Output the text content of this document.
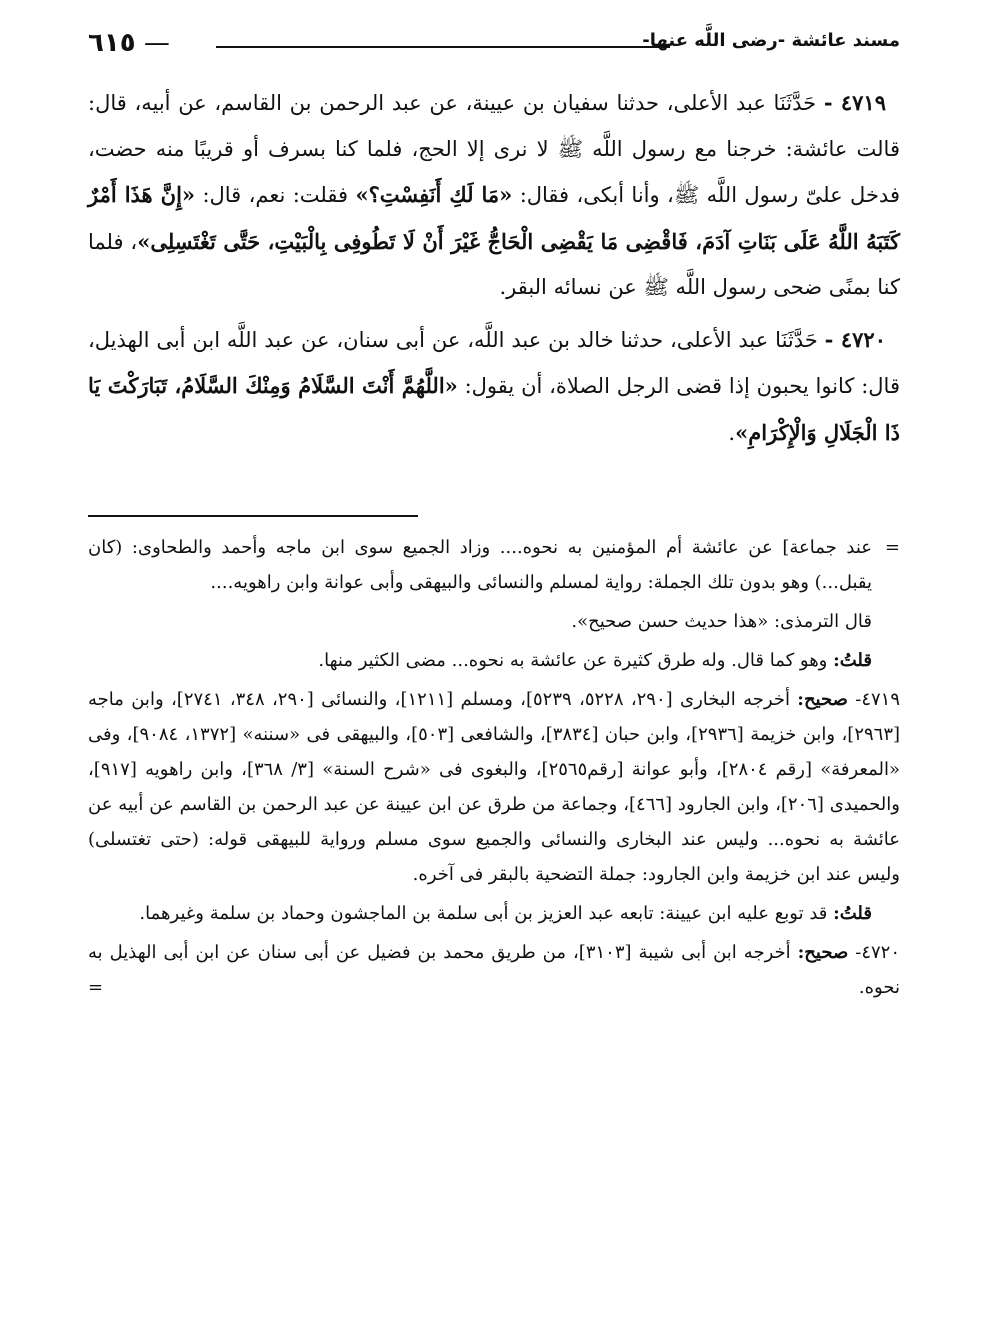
— ٦١٥	مسند عائشة -رضى اللَّه عنها-

٤٧١٩ - حَدَّثَنَا عبد الأعلى، حدثنا سفيان بن عيينة، عن عبد الرحمن بن القاسم، عن أبيه، قال: قالت عائشة: خرجنا مع رسول اللَّه ﷺ لا نرى إلا الحج، فلما كنا بسرف أو قريبًا منه حضت، فدخل علىّ رسول اللَّه ﷺ، وأنا أبكى، فقال: «مَا لَكِ أَنَفِسْتِ؟» فقلت: نعم، قال: «إِنَّ هَذَا أَمْرٌ كَتَبَهُ اللَّهُ عَلَى بَنَاتِ آدَمَ، فَاقْضِى مَا يَقْضِى الْحَاجُّ غَيْرَ أَنْ لَا تَطُوفِى بِالْبَيْتِ، حَتَّى تَغْتَسِلِى»، فلما كنا بمنًى ضحى رسول اللَّه ﷺ عن نسائه البقر.

٤٧٢٠ - حَدَّثَنَا عبد الأعلى، حدثنا خالد بن عبد اللَّه، عن أبى سنان، عن عبد اللَّه ابن أبى الهذيل، قال: كانوا يحبون إذا قضى الرجل الصلاة، أن يقول: «اللَّهُمَّ أَنْتَ السَّلَامُ وَمِنْكَ السَّلَامُ، تَبَارَكْتَ يَا ذَا الْجَلَالِ وَالْإِكْرَامِ».

=
عند جماعة] عن عائشة أم المؤمنين به نحوه.... وزاد الجميع سوى ابن ماجه وأحمد والطحاوى: (كان يقبل...) وهو بدون تلك الجملة: رواية لمسلم والنسائى والبيهقى وأبى عوانة وابن راهويه....
قال الترمذى: «هذا حديث حسن صحيح».
قلتُ: وهو كما قال. وله طرق كثيرة عن عائشة به نحوه... مضى الكثير منها.
٤٧١٩- صحيح: أخرجه البخارى [٢٩٠، ٥٢٢٨، ٥٢٣٩]، ومسلم [١٢١١]، والنسائى [٢٩٠، ٣٤٨، ٢٧٤١]، وابن ماجه [٢٩٦٣]، وابن خزيمة [٢٩٣٦]، وابن حبان [٣٨٣٤]، والشافعى [٥٠٣]، والبيهقى فى «سننه» [١٣٧٢، ٩٠٨٤]، وفى «المعرفة» [رقم ٢٨٠٤]، وأبو عوانة [رقم٢٥٦٥]، والبغوى فى «شرح السنة» [٣/ ٣٦٨]، وابن راهويه [٩١٧]، والحميدى [٢٠٦]، وابن الجارود [٤٦٦]، وجماعة من طرق عن ابن عيينة عن عبد الرحمن بن القاسم عن أبيه عن عائشة به نحوه... وليس عند البخارى والنسائى والجميع سوى مسلم ورواية للبيهقى قوله: (حتى تغتسلى) وليس عند ابن خزيمة وابن الجارود: جملة التضحية بالبقر فى آخره.
قلتُ: قد توبع عليه ابن عيينة: تابعه عبد العزيز بن أبى سلمة بن الماجشون وحماد بن سلمة وغيرهما.
٤٧٢٠- صحيح: أخرجه ابن أبى شيبة [٣١٠٣]، من طريق محمد بن فضيل عن أبى سنان عن ابن أبى الهذيل به نحوه.
=
